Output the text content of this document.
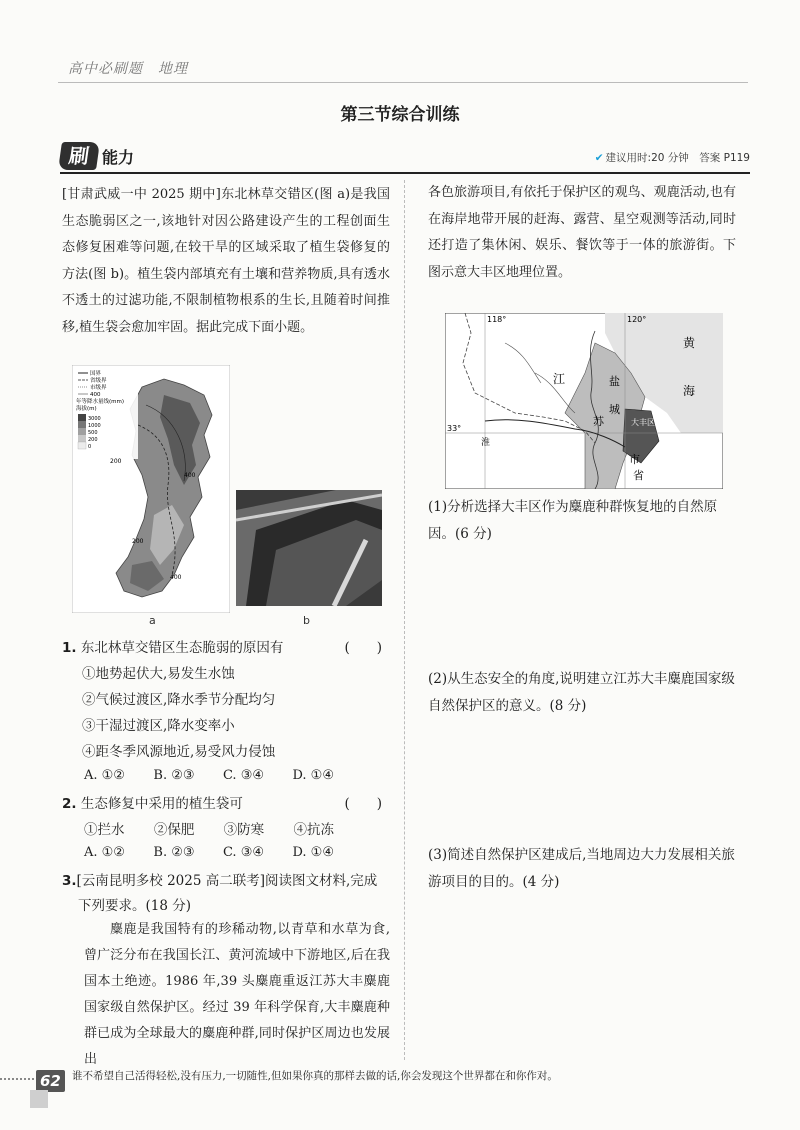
高中必刷题　地理
第三节综合训练
刷 能力	✔ 建议用时:20 分钟　 答案 P119
[甘肃武威一中 2025 期中]东北林草交错区(图 a)是我国生态脆弱区之一,该地针对因公路建设产生的工程创面生态修复困难等问题,在较干旱的区域采取了植生袋修复的方法(图 b)。植生袋内部填充有土壤和营养物质,具有透水不透土的过滤功能,不限制植物根系的生长,且随着时间推移,植生袋会愈加牢固。据此完成下面小题。
国界
省级界
市级界
400
年等降水量线(mm)
海拔(m)
3000
1000
500
200
0
200
400
200
400
a	b
1. 东北林草交错区生态脆弱的原因有	(　　)
①地势起伏大,易发生水蚀
②气候过渡区,降水季节分配均匀
③干湿过渡区,降水变率小
④距冬季风源地近,易受风力侵蚀
A. ①② B. ②③ C. ③④ D. ①④
2. 生态修复中采用的植生袋可	(　　)
①拦水 ②保肥 ③防寒 ④抗冻
A. ①② B. ②③ C. ③④ D. ①④
3.[云南昆明多校 2025 高二联考]阅读图文材料,完成下列要求。(18 分)
麋鹿是我国特有的珍稀动物,以青草和水草为食,曾广泛分布在我国长江、黄河流域中下游地区,后在我国本土绝迹。1986 年,39 头麋鹿重返江苏大丰麋鹿国家级自然保护区。经过 39 年科学保育,大丰麋鹿种群已成为全球最大的麋鹿种群,同时保护区周边也发展出
各色旅游项目,有依托于保护区的观鸟、观鹿活动,也有在海岸地带开展的赶海、露营、星空观测等活动,同时还打造了集休闲、娱乐、餐饮等于一体的旅游街。下图示意大丰区地理位置。
118°	120°
33°
黄
海
江
苏
盐
城
市
大丰区
省
淮
(1)分析选择大丰区作为麋鹿种群恢复地的自然原因。(6 分)
(2)从生态安全的角度,说明建立江苏大丰麋鹿国家级自然保护区的意义。(8 分)
(3)简述自然保护区建成后,当地周边大力发展相关旅游项目的目的。(4 分)
62	谁不希望自己活得轻松,没有压力,一切随性,但如果你真的那样去做的话,你会发现这个世界都在和你作对。
